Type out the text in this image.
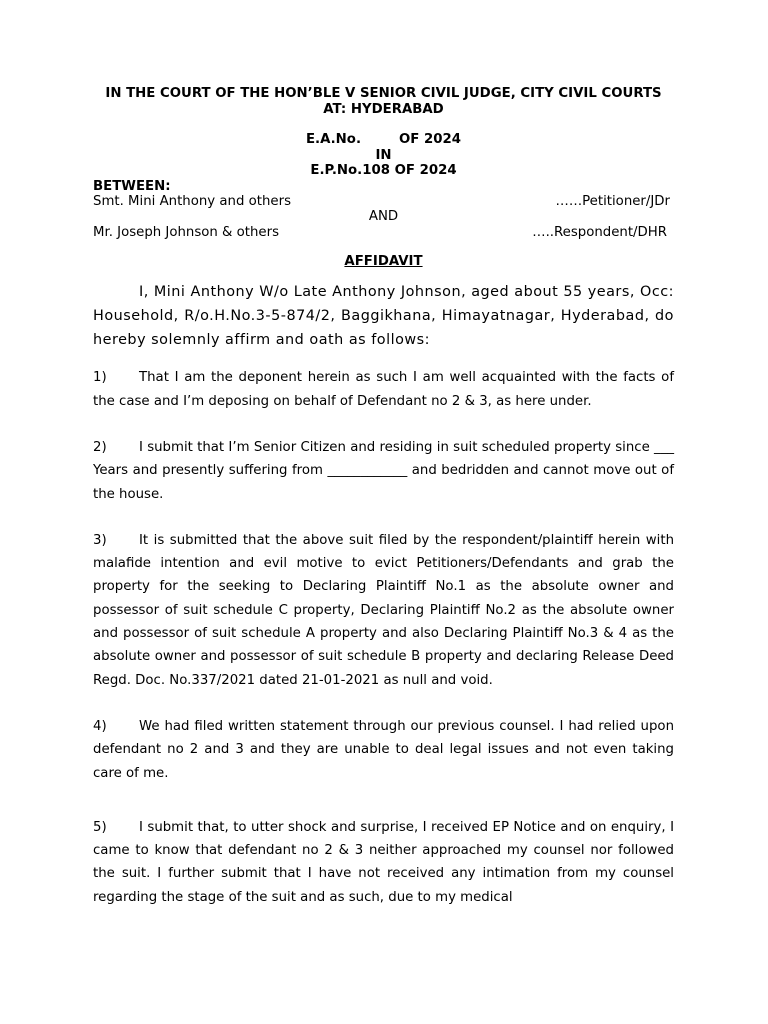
IN THE COURT OF THE HON’BLE V SENIOR CIVIL JUDGE, CITY CIVIL COURTS AT: HYDERABAD

E.A.No.	OF 2024
IN
E.P.No.108 OF 2024
BETWEEN:
Smt. Mini Anthony and others	……Petitioner/JDr
AND
Mr. Joseph Johnson & others	…..Respondent/DHR
AFFIDAVIT

I, Mini Anthony W/o Late Anthony Johnson, aged about 55 years, Occ: Household, R/o.H.No.3-5-874/2, Baggikhana, Himayatnagar, Hyderabad, do hereby solemnly affirm and oath as follows:

1) That I am the deponent herein as such I am well acquainted with the facts of the case and I’m deposing on behalf of Defendant no 2 & 3, as here under.

2) I submit that I’m Senior Citizen and residing in suit scheduled property since ___ Years and presently suffering from ____________ and bedridden and cannot move out of the house.

3) It is submitted that the above suit filed by the respondent/plaintiff herein with malafide intention and evil motive to evict Petitioners/Defendants and grab the property for the seeking to Declaring Plaintiff No.1 as the absolute owner and possessor of suit schedule C property, Declaring Plaintiff No.2 as the absolute owner and possessor of suit schedule A property and also Declaring Plaintiff No.3 & 4 as the absolute owner and possessor of suit schedule B property and declaring Release Deed Regd. Doc. No.337/2021 dated 21-01-2021 as null and void.

4) We had filed written statement through our previous counsel. I had relied upon defendant no 2 and 3 and they are unable to deal legal issues and not even taking care of me.

5) I submit that, to utter shock and surprise, I received EP Notice and on enquiry, I came to know that defendant no 2 & 3 neither approached my counsel nor followed the suit. I further submit that I have not received any intimation from my counsel regarding the stage of the suit and as such, due to my medical
